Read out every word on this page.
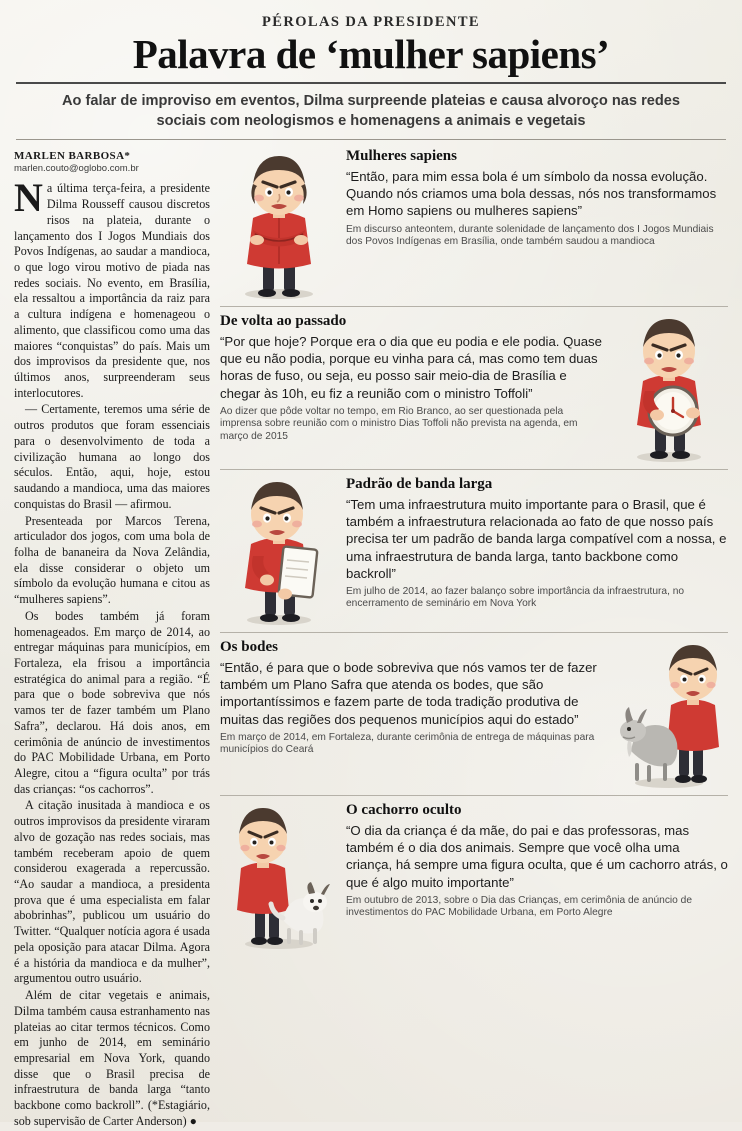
PÉROLAS DA PRESIDENTE
Palavra de ‘mulher sapiens’
Ao falar de improviso em eventos, Dilma surpreende plateias e causa alvoroço nas redes sociais com neologismos e homenagens a animais e vegetais
MARLEN BARBOSA*
marlen.couto@oglobo.com.br

Na última terça-feira, a presidente Dilma Rousseff causou discretos risos na plateia, durante o lançamento dos I Jogos Mundiais dos Povos Indígenas, ao saudar a mandioca, o que logo virou motivo de piada nas redes sociais. No evento, em Brasília, ela ressaltou a importância da raiz para a cultura indígena e homenageou o alimento, que classificou como uma das maiores “conquistas” do país. Mais um dos improvisos da presidente que, nos últimos anos, surpreenderam seus interlocutores.

— Certamente, teremos uma série de outros produtos que foram essenciais para o desenvolvimento de toda a civilização humana ao longo dos séculos. Então, aqui, hoje, estou saudando a mandioca, uma das maiores conquistas do Brasil — afirmou.

Presenteada por Marcos Terena, articulador dos jogos, com uma bola de folha de bananeira da Nova Zelândia, ela disse considerar o objeto um símbolo da evolução humana e citou as “mulheres sapiens”.

Os bodes também já foram homenageados. Em março de 2014, ao entregar máquinas para municípios, em Fortaleza, ela frisou a importância estratégica do animal para a região. “É para que o bode sobreviva que nós vamos ter de fazer também um Plano Safra”, declarou. Há dois anos, em cerimônia de anúncio de investimentos do PAC Mobilidade Urbana, em Porto Alegre, citou a “figura oculta” por trás das crianças: “os cachorros”.

A citação inusitada à mandioca e os outros improvisos da presidente viraram alvo de gozação nas redes sociais, mas também receberam apoio de quem considerou exagerada a repercussão. “Ao saudar a mandioca, a presidenta prova que é uma especialista em falar abobrinhas”, publicou um usuário do Twitter. “Qualquer notícia agora é usada pela oposição para atacar Dilma. Agora é a história da mandioca e da mulher”, argumentou outro usuário.

Além de citar vegetais e animais, Dilma também causa estranhamento nas plateias ao citar termos técnicos. Como em junho de 2014, em seminário empresarial em Nova York, quando disse que o Brasil precisa de infraestrutura de banda larga “tanto backbone como backroll”. (*Estagiário, sob supervisão de Carter Anderson) ●

Mulheres sapiens
“Então, para mim essa bola é um símbolo da nossa evolução. Quando nós criamos uma bola dessas, nós nos transformamos em Homo sapiens ou mulheres sapiens”
Em discurso anteontem, durante solenidade de lançamento dos I Jogos Mundiais dos Povos Indígenas em Brasília, onde também saudou a mandioca
De volta ao passado
“Por que hoje? Porque era o dia que eu podia e ele podia. Quase que eu não podia, porque eu vinha para cá, mas como tem duas horas de fuso, ou seja, eu posso sair meio-dia de Brasília e chegar às 10h, eu fiz a reunião com o ministro Toffoli”
Ao dizer que pôde voltar no tempo, em Rio Branco, ao ser questionada pela imprensa sobre reunião com o ministro Dias Toffoli não prevista na agenda, em março de 2015
Padrão de banda larga
“Tem uma infraestrutura muito importante para o Brasil, que é também a infraestrutura relacionada ao fato de que nosso país precisa ter um padrão de banda larga compatível com a nossa, e uma infraestrutura de banda larga, tanto backbone como backroll”
Em julho de 2014, ao fazer balanço sobre importância da infraestrutura, no encerramento de seminário em Nova York
Os bodes
“Então, é para que o bode sobreviva que nós vamos ter de fazer também um Plano Safra que atenda os bodes, que são importantíssimos e fazem parte de toda tradição produtiva de muitas das regiões dos pequenos municípios aqui do estado”
Em março de 2014, em Fortaleza, durante cerimônia de entrega de máquinas para municípios do Ceará
O cachorro oculto
“O dia da criança é da mãe, do pai e das professoras, mas também é o dia dos animais. Sempre que você olha uma criança, há sempre uma figura oculta, que é um cachorro atrás, o que é algo muito importante”
Em outubro de 2013, sobre o Dia das Crianças, em cerimônia de anúncio de investimentos do PAC Mobilidade Urbana, em Porto Alegre
